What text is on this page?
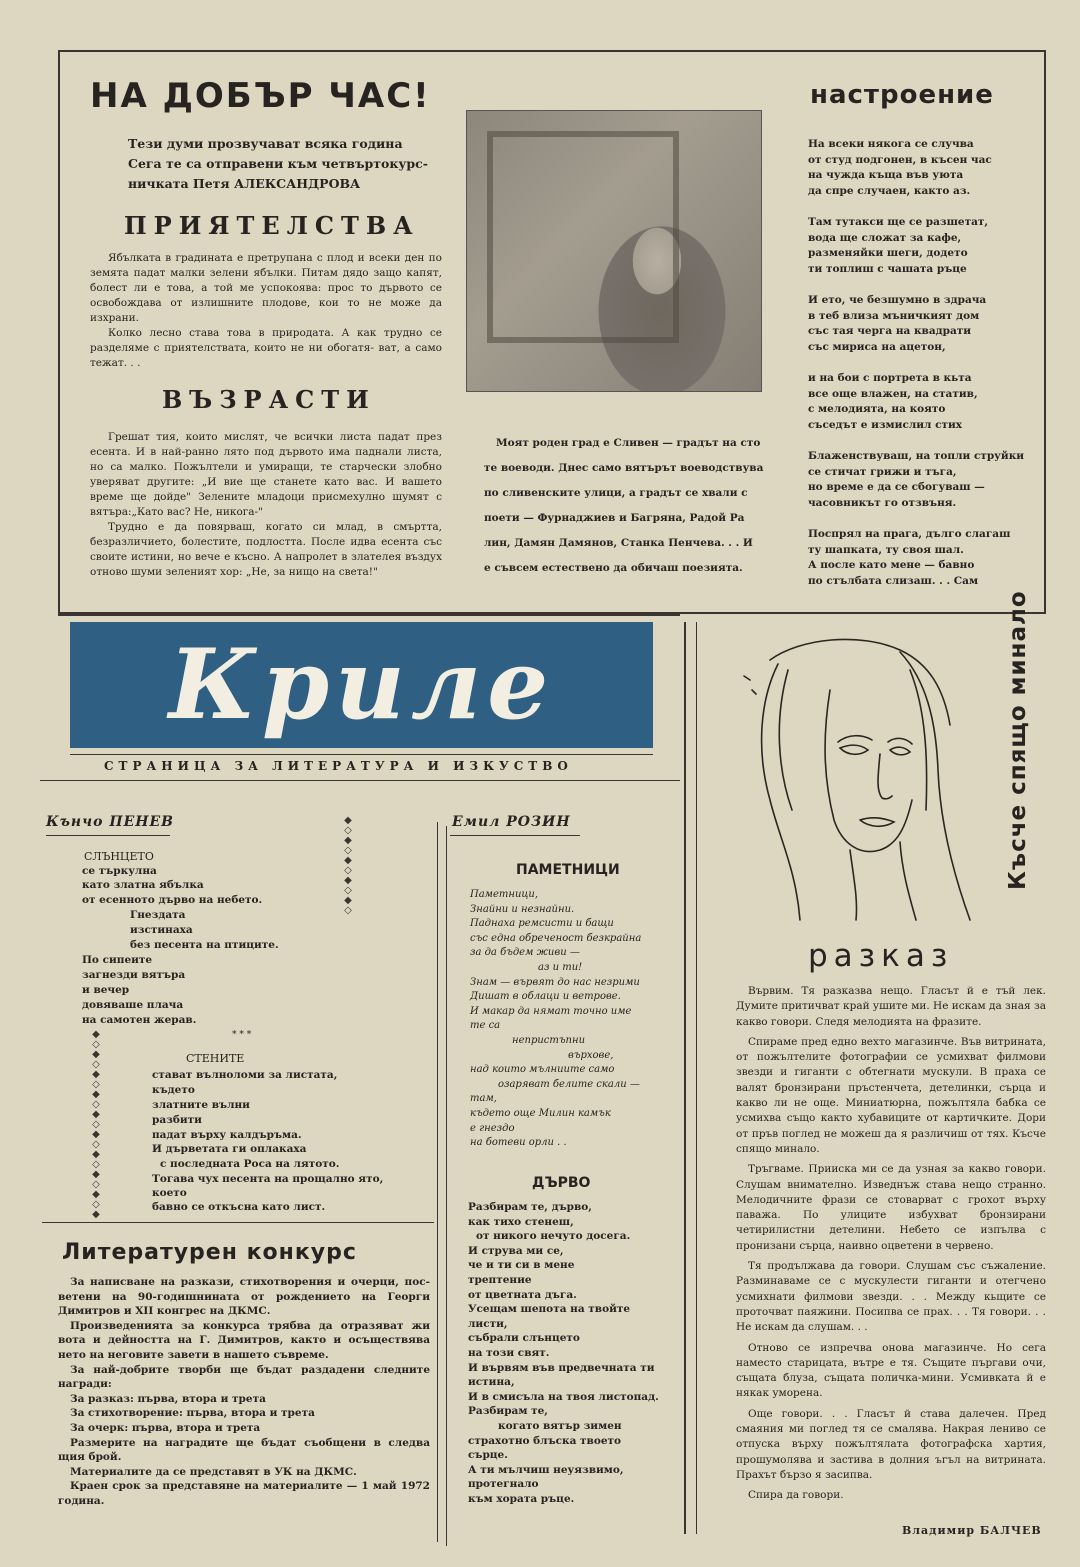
НА ДОБЪР ЧАС!
Тези думи прозвучават всяка година
Сега те са отправени към четвъртокурс-
ничката Петя АЛЕКСАНДРОВА
ПРИЯТЕЛСТВА

Ябълката в градината е претрупана с плод и всеки ден по земята падат малки зелени ябълки. Питам дядо защо капят, болест ли е това, а той ме успокоява: прос то дървото се освобождава от излишните плодове, кои то не може да изхрани.

Колко лесно става това в природата. А как трудно се разделяме с приятелствата, които не ни обогатя- ват, а само тежат. . .

ВЪЗРАСТИ

Грешат тия, които мислят, че всички листа падат през есента. И в най-ранно лято под дървото има паднали листа, но са малко. Пожълтели и умиращи, те старчески злобно уверяват другите: „И вие ще станете като вас. И вашето време ще дойде" Зелените младоци присмехулно шумят с вятъра:„Като вас? Не, никога-"

Трудно е да повярваш, когато си млад, в смъртта, безразличието, болестите, подлостта. После идва есента със своите истини, но вече е късно. А напролет в злателея въздух отново шуми зеленият хор: „Не, за нищо на света!"

Моят роден град е Сливен — градът на сто
те воеводи. Днес само вятърът воеводствува
по сливенските улици, а градът се хвали с
поети — Фурнаджиев и Багряна, Радой Ра
лин, Дамян Дамянов, Станка Пенчева. . . И
е съвсем естествено да обичаш поезията.
настроение
На всеки някога се случва
от студ подгонен, в късен час
на чужда къща във уюта
да спре случаен, както аз.
Там тутакси ще се разшетат,
вода ще сложат за кафе,
разменяйки шеги, додето
ти топлиш с чашата ръце
И ето, че безшумно в здрача
в теб влиза мъничкият дом
със тая черга на квадрати
със мириса на ацетон,
и на бои с портрета в кьта
все още влажен, на статив,
с мелодията, на която
съседът е измислил стих
Блаженствуваш, на топли струйки
се стичат грижи и тъга,
но време е да се сбогуваш —
часовникът го отзвъня.
Поспрял на прага, дълго слагаш
ту шапката, ту своя шал.
А после като мене — бавно
по стълбата слизаш. . . Сам
Криле
СТРАНИЦА ЗА ЛИТЕРАТУРА И ИЗКУСТВО
Кънчо ПЕНЕВ	◆
◇
◆
◇
◆
◇
◆
◇
◆
◇
◆
◇
◆
◇
◆
◇
◆
◇
◆
◇
◆
◇
◆
◇
◆
◇
◆
◇
◆
СЛЪНЦЕТО
се търкулна
като златна ябълка
от есенното дърво на небето.
Гнездата
изстинаха
без песента на птиците.
По сипеите
загнезди вятъра
и вечер
довяваше плача
на самотен жерав.
* * *
СТЕНИТЕ
стават вълноломи за листата,
където
златните вълни
разбити
падат върху калдъръма.
И дърветата ги оплакаха
с последната Роса на лятото.
Тогава чух песента на прощално ято,
което
бавно се откъсна като лист.
Литературен конкурс
За написване на разкази, стихотворения и очерци, пос- ветени на 90-годишнината от рождението на Георги Димитров и XII конгрес на ДКМС.
Произведенията за конкурса трябва да отразяват жи вота и дейността на Г. Димитров, както и осъществява нето на неговите завети в нашето съвреме.
За най-добрите творби ще бъдат раздадени следните награди:
За разказ: първа, втора и трета
За стихотворение: първа, втора и трета
За очерк: първа, втора и трета
Размерите на наградите ще бъдат съобщени в следва щия брой.
Материалите да се представят в УК на ДКМС.
Краен срок за представяне на материалите — 1 май 1972 година.
Емил РОЗИН
ПАМЕТНИЦИ
Паметници,
Знайни и незнайни.
Паднаха ремсисти и бащи
със една обреченост безкрайна
за да бъдем живи —
аз и ти!
Знам — вървят до нас незрими
Дишат в облаци и ветрове.
И макар да нямат точно име
те са
непристъпни
върхове,
над които мълниите само
озаряват белите скали —
там,
където още Милин камък
е гнездо
на ботеви орли . .
ДЪРВО
Разбирам те, дърво,
как тихо стенеш,
от никого нечуто досега.
И струва ми се,
че и ти си в мене
трептение
от цветната дъга.
Усещам шепота на твойте
листи,
събрали слънцето
на този свят.
И вървям във предвечната ти
истина,
И в смисъла на твоя листопад.
Разбирам те,
когато вятър зимен
страхотно блъска твоето
сърце.
А ти мълчиш неуязвимо,
протегнало
към хората ръце.
Късче спящо минало
разказ
Вървим. Тя разказва нещо. Гласът й е тъй лек. Думите притичват край ушите ми. Не искам да зная за какво говори. Следя мелодията на фразите.
Спираме пред едно вехто магазинче. Във витрината, от пожълтелите фотографии се усмихват филмови звезди и гиганти с обтегнати мускули. В праха се валят бронзирани пръстенчета, детелинки, сърца и какво ли не още. Миниатюрна, пожълтяла бабка се усмихва също както хубавиците от картичките. Дори от пръв поглед не можеш да я различиш от тях. Късче спящо минало.
Тръгваме. Прииска ми се да узная за какво говори. Слушам внимателно. Изведнъж става нещо странно. Мелодичните фрази се стоварват с грохот върху паважа. По улиците избухват бронзирани четирилистни детелини. Небето се изпълва с пронизани сърца, наивно оцветени в червено.
Тя продължава да говори. Слушам със съжаление. Разминаваме се с мускулести гиганти и отегчено усмихнати филмови звезди. . . Между кьщите се проточват паяжини. Посипва се прах. . . Тя говори. . . Не искам да слушам. . .
Отново се изпречва онова магазинче. Но сега наместо старицата, вътре е тя. Същите пъргави очи, същата блуза, същата поличка-мини. Усмивката й е някак уморена.
Още говори. . . Гласът й става далечен. Пред смаяния ми поглед тя се смалява. Накрая лениво се отпуска върху пожълтялата фотографска хартия, прошумолява и застива в долния ъгъл на витрината. Прахът бързо я засипва.
Спира да говори.
Владимир БАЛЧЕВ
